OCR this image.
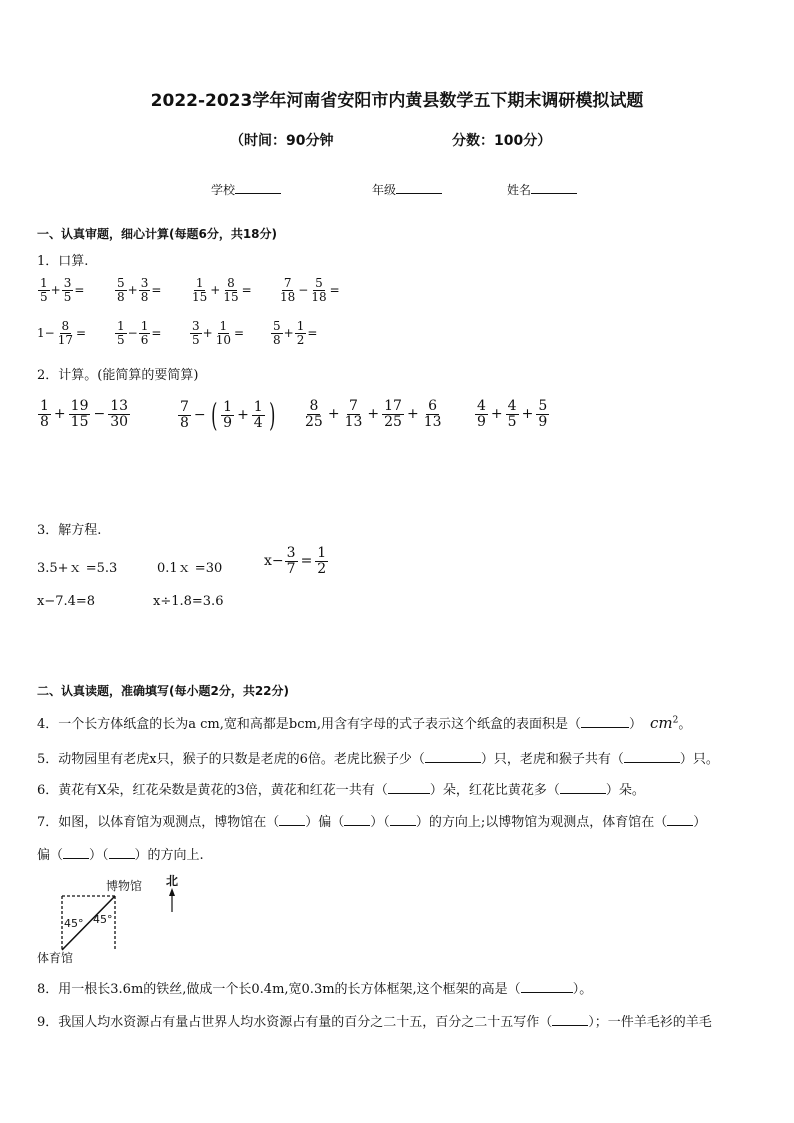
2022-2023学年河南省安阳市内黄县数学五下期末调研模拟试题
（时间：90分钟	分数：100分）
学校	年级	姓名
一、认真审题，细心计算(每题6分，共18分)
1．口算.
$\frac{1}{5} + \frac{3}{5}$ =	$\frac{5}{8} + \frac{3}{8} = \frac{1}{15} + \frac{8}{15} = \frac{7}{18} - \frac{5}{18}$ =
$1- \frac{8}{17} = \frac{1}{5} - \frac{1}{6} = \frac{3}{5} + \frac{1}{10} = \frac{5}{8} + \frac{1}{2}$ =
2．计算。(能简算的要简算)
$\frac{1}{8} + \frac{19}{15} - \frac{13}{30}$	$\frac{7}{8}$ − ( $\frac{1}{9} + \frac{1}{4}$ ) $\frac{8}{25} + \frac{7}{13} + \frac{17}{25} + \frac{6}{13} \frac{4}{9} + \frac{4}{5} + \frac{5}{9}$
3．解方程.
3.5+ｘ =5.3	0.1ｘ =30	$x- \frac{3}{7} = \frac{1}{2}$
x−7.4=8	x÷1.8=3.6
二、认真读题，准确填写(每小题2分，共22分)
4．一个长方体纸盒的长为a cm,宽和高都是bcm,用含有字母的式子表示这个纸盒的表面积是（	） $cm^2$。
5．动物园里有老虎x只，猴子的只数是老虎的6倍。老虎比猴子少（	）只，老虎和猴子共有（	）只。
6．黄花有X朵，红花朵数是黄花的3倍，黄花和红花一共有（	）朵，红花比黄花多（	）朵。
7．如图，以体育馆为观测点，博物馆在（ ）偏（ ）（ ）的方向上;以博物馆为观测点，体育馆在（ ）
偏（ ）（ ）的方向上.
博物馆 北
45° 45°
体育馆
8．用一根长3.6m的铁丝,做成一个长0.4m,宽0.3m的长方体框架,这个框架的高是（	）。
9．我国人均水资源占有量占世界人均水资源占有量的百分之二十五，百分之二十五写作（	）；一件羊毛衫的羊毛
